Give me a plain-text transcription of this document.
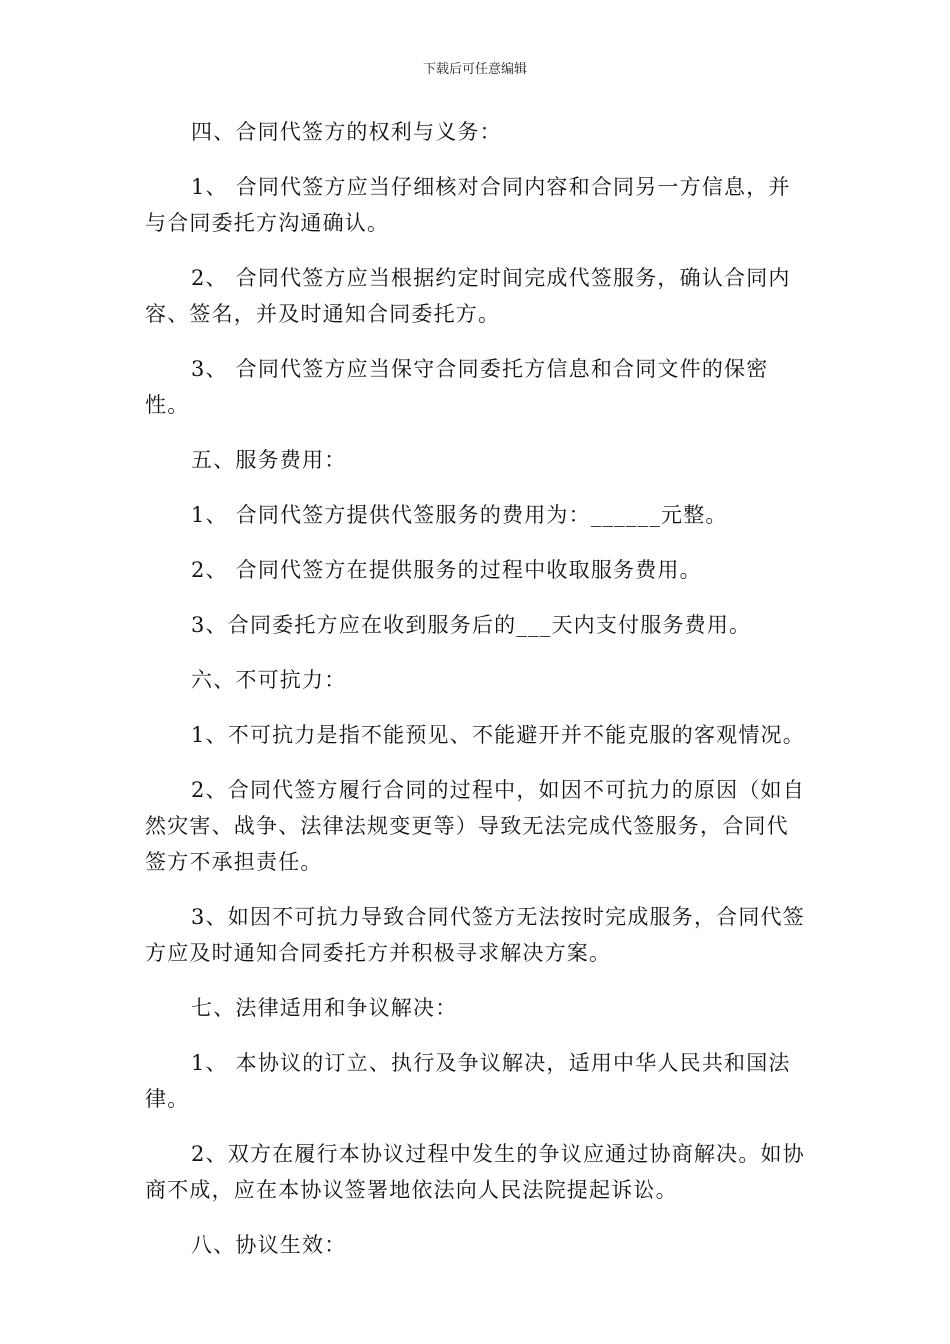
下载后可任意编辑

四、合同代签方的权利与义务：

1、 合同代签方应当仔细核对合同内容和合同另一方信息，并与合同委托方沟通确认。

2、 合同代签方应当根据约定时间完成代签服务，确认合同内容、签名，并及时通知合同委托方。

3、 合同代签方应当保守合同委托方信息和合同文件的保密性。

五、服务费用：

1、 合同代签方提供代签服务的费用为：______元整。

2、 合同代签方在提供服务的过程中收取服务费用。

3、合同委托方应在收到服务后的___天内支付服务费用。

六、不可抗力：

1、不可抗力是指不能预见、不能避开并不能克服的客观情况。

2、合同代签方履行合同的过程中，如因不可抗力的原因（如自然灾害、战争、法律法规变更等）导致无法完成代签服务，合同代签方不承担责任。

3、如因不可抗力导致合同代签方无法按时完成服务，合同代签方应及时通知合同委托方并积极寻求解决方案。

七、法律适用和争议解决：

1、 本协议的订立、执行及争议解决，适用中华人民共和国法律。

2、双方在履行本协议过程中发生的争议应通过协商解决。如协商不成，应在本协议签署地依法向人民法院提起诉讼。

八、协议生效：
